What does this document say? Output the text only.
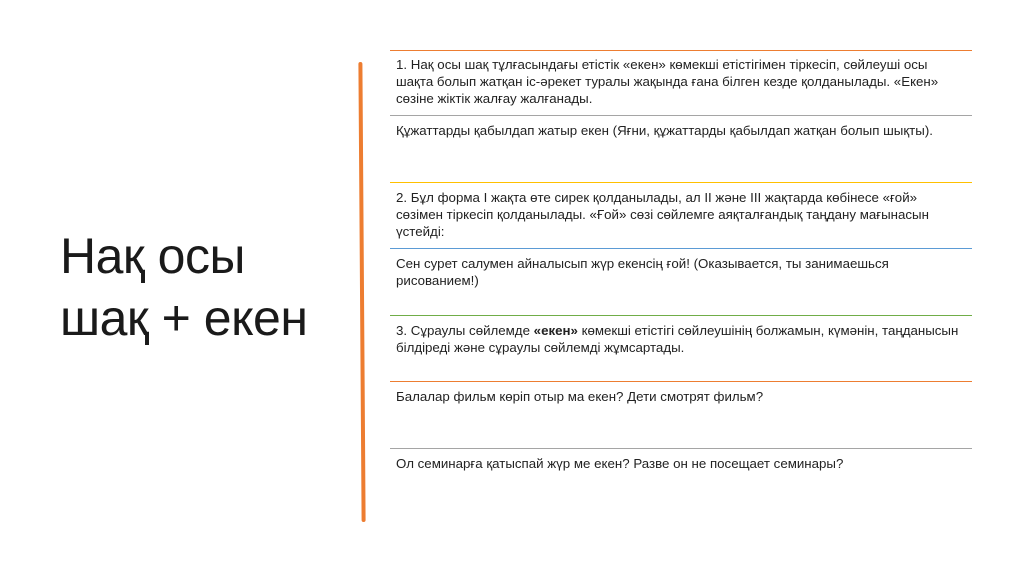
Нақ осы
шақ + екен

1. Нақ осы шақ тұлғасындағы етістік «екен» көмекші етістігімен тіркесіп, сөйлеуші осы шақта болып жатқан іс-әрекет туралы жақында ғана білген кезде қолданылады. «Екен» сөзіне жіктік жалғау жалғанады.

Құжаттарды қабылдап жатыр екен (Яғни, құжаттарды қабылдап жатқан болып шықты).

2. Бұл форма І жақта өте сирек қолданылады, ал ІІ және ІІІ жақтарда көбінесе «ғой» сөзімен тіркесіп қолданылады. «Ғой» сөзі сөйлемге аяқталғандық таңдану мағынасын үстейді:

Сен сурет салумен айналысып жүр екенсің ғой! (Оказывается, ты занимаешься рисованием!)

3. Сұраулы сөйлемде «екен» көмекші етістігі сөйлеушінің болжамын, күмәнін, таңданысын білдіреді және сұраулы сөйлемді жұмсартады.

Балалар фильм көріп отыр ма екен? Дети смотрят фильм?

Ол семинарға қатыспай жүр ме екен? Разве он не посещает семинары?
